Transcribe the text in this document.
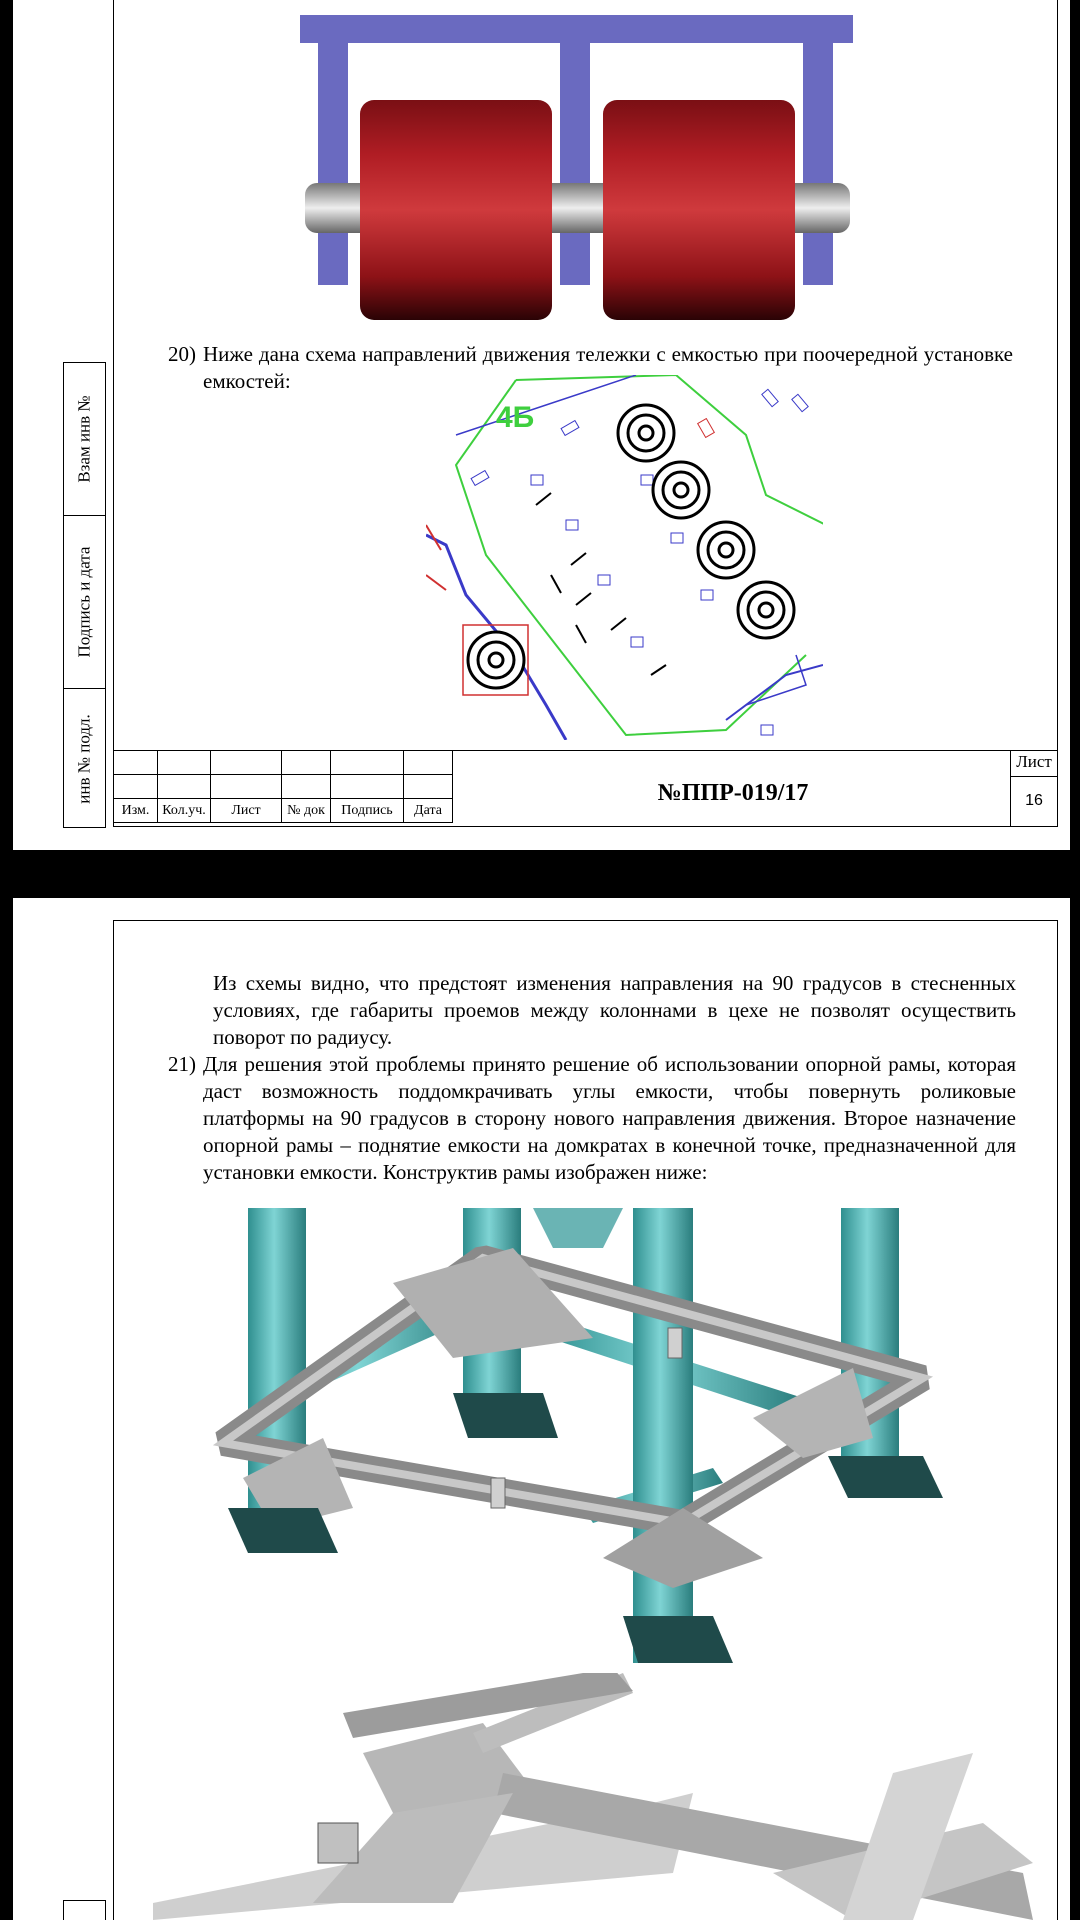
20) Ниже дана схема направлений движения тележки с емкостью при поочередной установке емкостей:
4Б
Взам инв №
Подпись и дата
инв № подл.

Изм.	Кол.уч.	Лист	№ док	Подпись	Дата
№ППР-019/17
Лист
16
Из схемы видно, что предстоят изменения направления на 90 градусов в стесненных условиях, где габариты проемов между колоннами в цехе не позволят осуществить поворот по радиусу.
21) Для решения этой проблемы принято решение об использовании опорной рамы, которая даст возможность поддомкрачивать углы емкости, чтобы повернуть роликовые платформы на 90 градусов в сторону нового направления движения. Второе назначение опорной рамы – поднятие емкости на домкратах в конечной точке, предназначенной для установки емкости. Конструктив рамы изображен ниже:
